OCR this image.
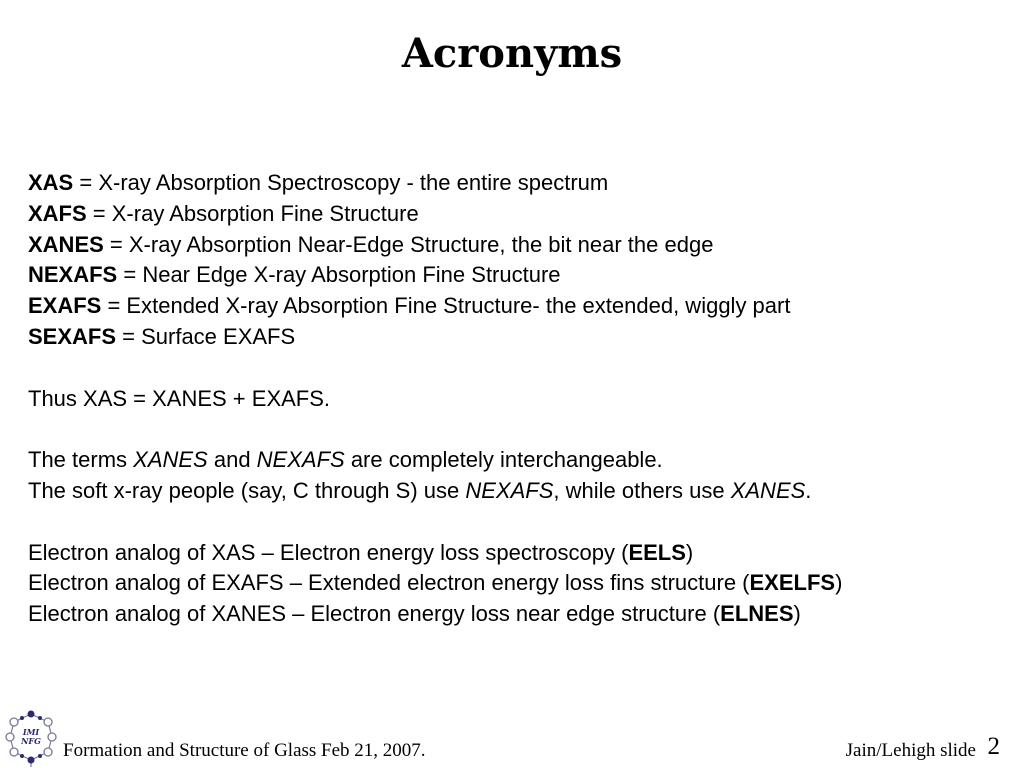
Acronyms
XAS = X-ray Absorption Spectroscopy - the entire spectrum
XAFS = X-ray Absorption Fine Structure
XANES = X-ray Absorption Near-Edge Structure, the bit near the edge
NEXAFS = Near Edge X-ray Absorption Fine Structure
EXAFS = Extended X-ray Absorption Fine Structure- the extended, wiggly part
SEXAFS = Surface EXAFS
Thus XAS = XANES + EXAFS.
The terms XANES and NEXAFS are completely interchangeable.
The soft x-ray people (say, C through S) use NEXAFS, while others use XANES.
Electron analog of XAS – Electron energy loss spectroscopy (EELS)
Electron analog of EXAFS – Extended electron energy loss fins structure (EXELFS)
Electron analog of XANES – Electron energy loss near edge structure (ELNES)
IMI
NFG Formation and Structure of Glass Feb 21, 2007.	Jain/Lehigh slide 2
